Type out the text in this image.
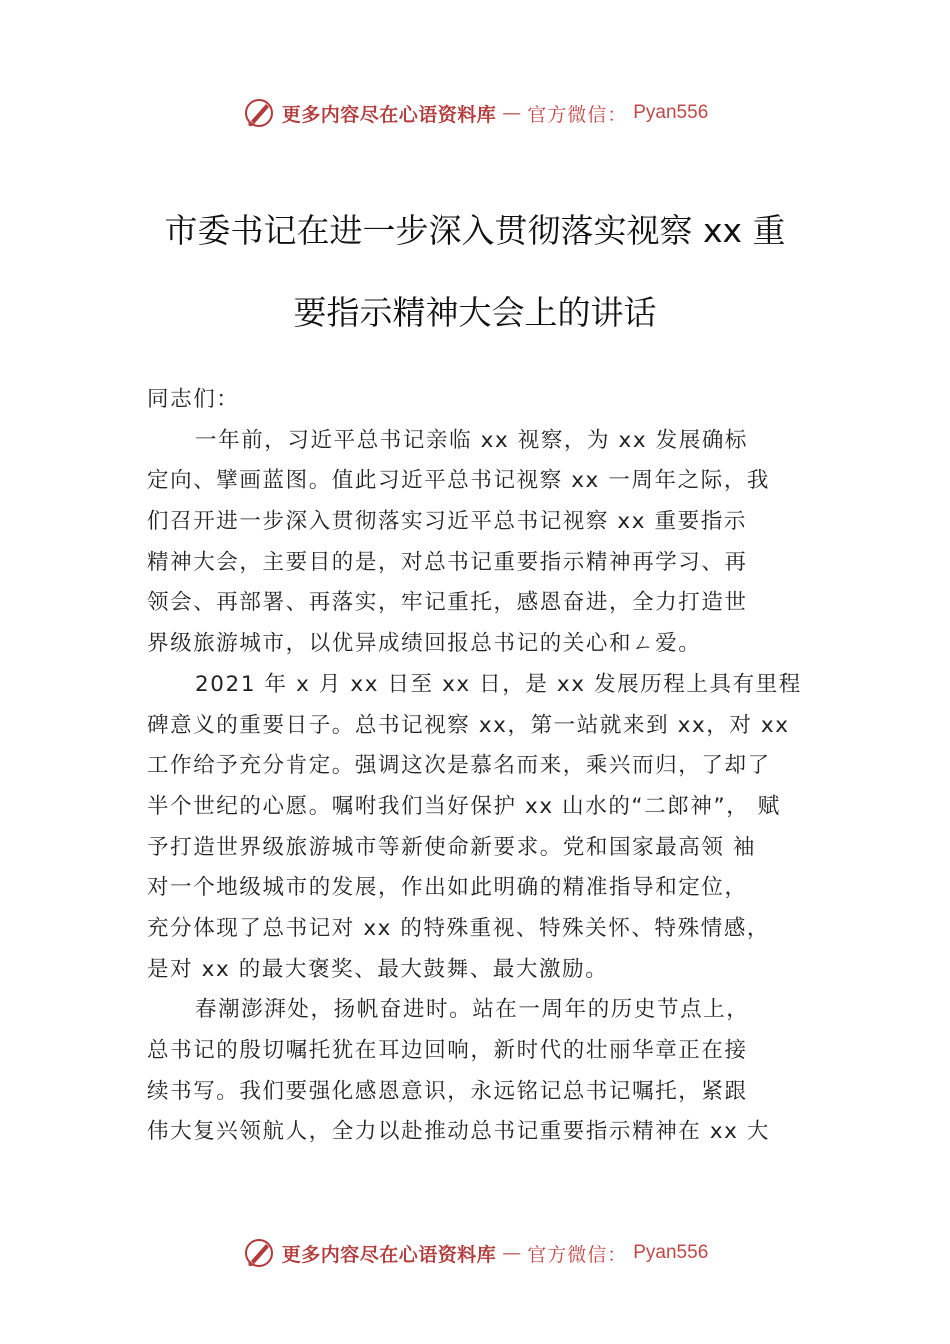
更多内容尽在心语资料库 — 官方微信： Pyan556
市委书记在进一步深入贯彻落实视察 xx 重
要指示精神大会上的讲话
同志们：
一年前，习近平总书记亲临 xx 视察，为 xx 发展确标
定向、擘画蓝图。值此习近平总书记视察 xx 一周年之际，我
们召开进一步深入贯彻落实习近平总书记视察 xx 重要指示
精神大会，主要目的是，对总书记重要指示精神再学习、再
领会、再部署、再落实，牢记重托，感恩奋进，全力打造世
界级旅游城市，以优异成绩回报总书记的关心和ㄥ爱。
2021 年 x 月 xx 日至 xx 日，是 xx 发展历程上具有里程
碑意义的重要日子。总书记视察 xx，第一站就来到 xx，对 xx
工作给予充分肯定。强调这次是慕名而来，乘兴而归，了却了
半个世纪的心愿。嘱咐我们当好保护 xx 山水的“二郎神”， 赋
予打造世界级旅游城市等新使命新要求。党和国家最高领 袖
对一个地级城市的发展，作出如此明确的精准指导和定位，
充分体现了总书记对 xx 的特殊重视、特殊关怀、特殊情感，
是对 xx 的最大褒奖、最大鼓舞、最大激励。
春潮澎湃处，扬帆奋进时。站在一周年的历史节点上，
总书记的殷切嘱托犹在耳边回响，新时代的壮丽华章正在接
续书写。我们要强化感恩意识，永远铭记总书记嘱托，紧跟
伟大复兴领航人，全力以赴推动总书记重要指示精神在 xx 大
更多内容尽在心语资料库 — 官方微信： Pyan556
